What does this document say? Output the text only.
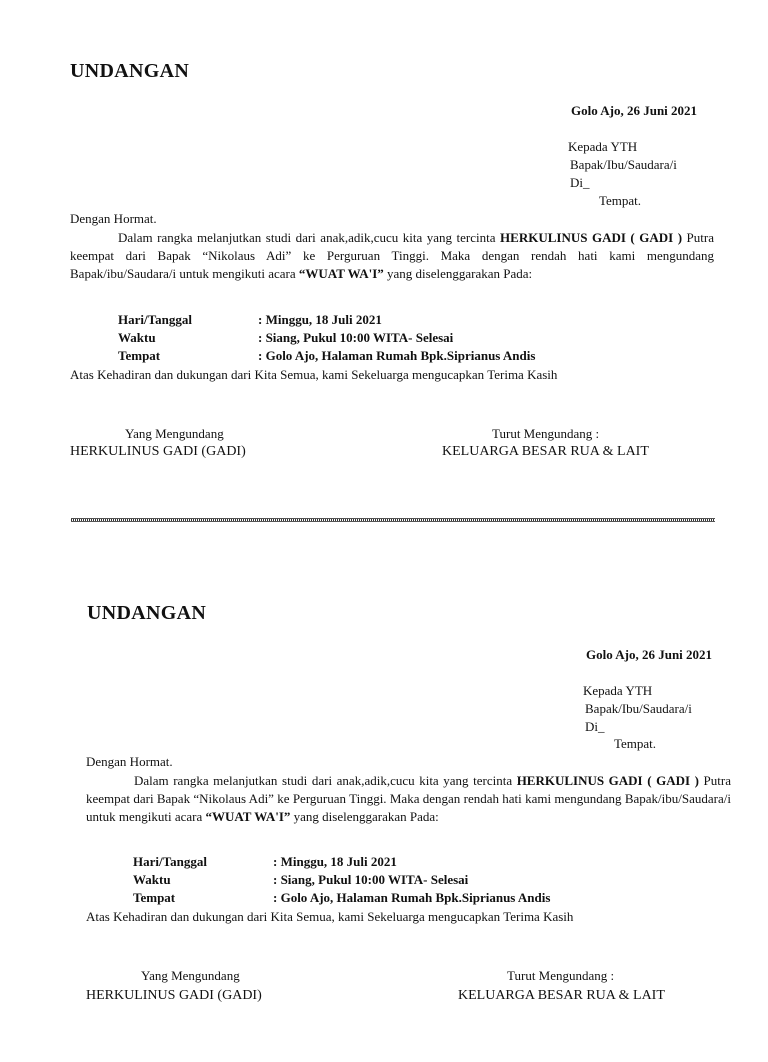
UNDANGAN
Golo Ajo, 26 Juni 2021
Kepada YTH
Bapak/Ibu/Saudara/i
Di_
Tempat.
Dengan Hormat.
Dalam rangka melanjutkan studi dari anak,adik,cucu kita yang tercinta HERKULINUS GADI ( GADI ) Putra keempat dari Bapak “Nikolaus Adi” ke Perguruan Tinggi. Maka dengan rendah hati kami mengundang Bapak/ibu/Saudara/i untuk mengikuti acara “WUAT WA'I” yang diselenggarakan Pada:
Hari/Tanggal	: Minggu, 18 Juli 2021
Waktu	: Siang, Pukul 10:00 WITA- Selesai
Tempat	: Golo Ajo, Halaman Rumah Bpk.Siprianus Andis
Atas Kehadiran dan dukungan dari Kita Semua, kami Sekeluarga mengucapkan Terima Kasih
Yang Mengundang
HERKULINUS GADI (GADI)
Turut Mengundang :
KELUARGA BESAR RUA & LAIT
UNDANGAN
Golo Ajo, 26 Juni 2021
Kepada YTH
Bapak/Ibu/Saudara/i
Di_
Tempat.
Dengan Hormat.
Dalam rangka melanjutkan studi dari anak,adik,cucu kita yang tercinta HERKULINUS GADI ( GADI ) Putra keempat dari Bapak “Nikolaus Adi” ke Perguruan Tinggi. Maka dengan rendah hati kami mengundang Bapak/ibu/Saudara/i untuk mengikuti acara “WUAT WA'I” yang diselenggarakan Pada:
Hari/Tanggal	: Minggu, 18 Juli 2021
Waktu	: Siang, Pukul 10:00 WITA- Selesai
Tempat	: Golo Ajo, Halaman Rumah Bpk.Siprianus Andis
Atas Kehadiran dan dukungan dari Kita Semua, kami Sekeluarga mengucapkan Terima Kasih
Yang Mengundang
HERKULINUS GADI (GADI)
Turut Mengundang :
KELUARGA BESAR RUA & LAIT
